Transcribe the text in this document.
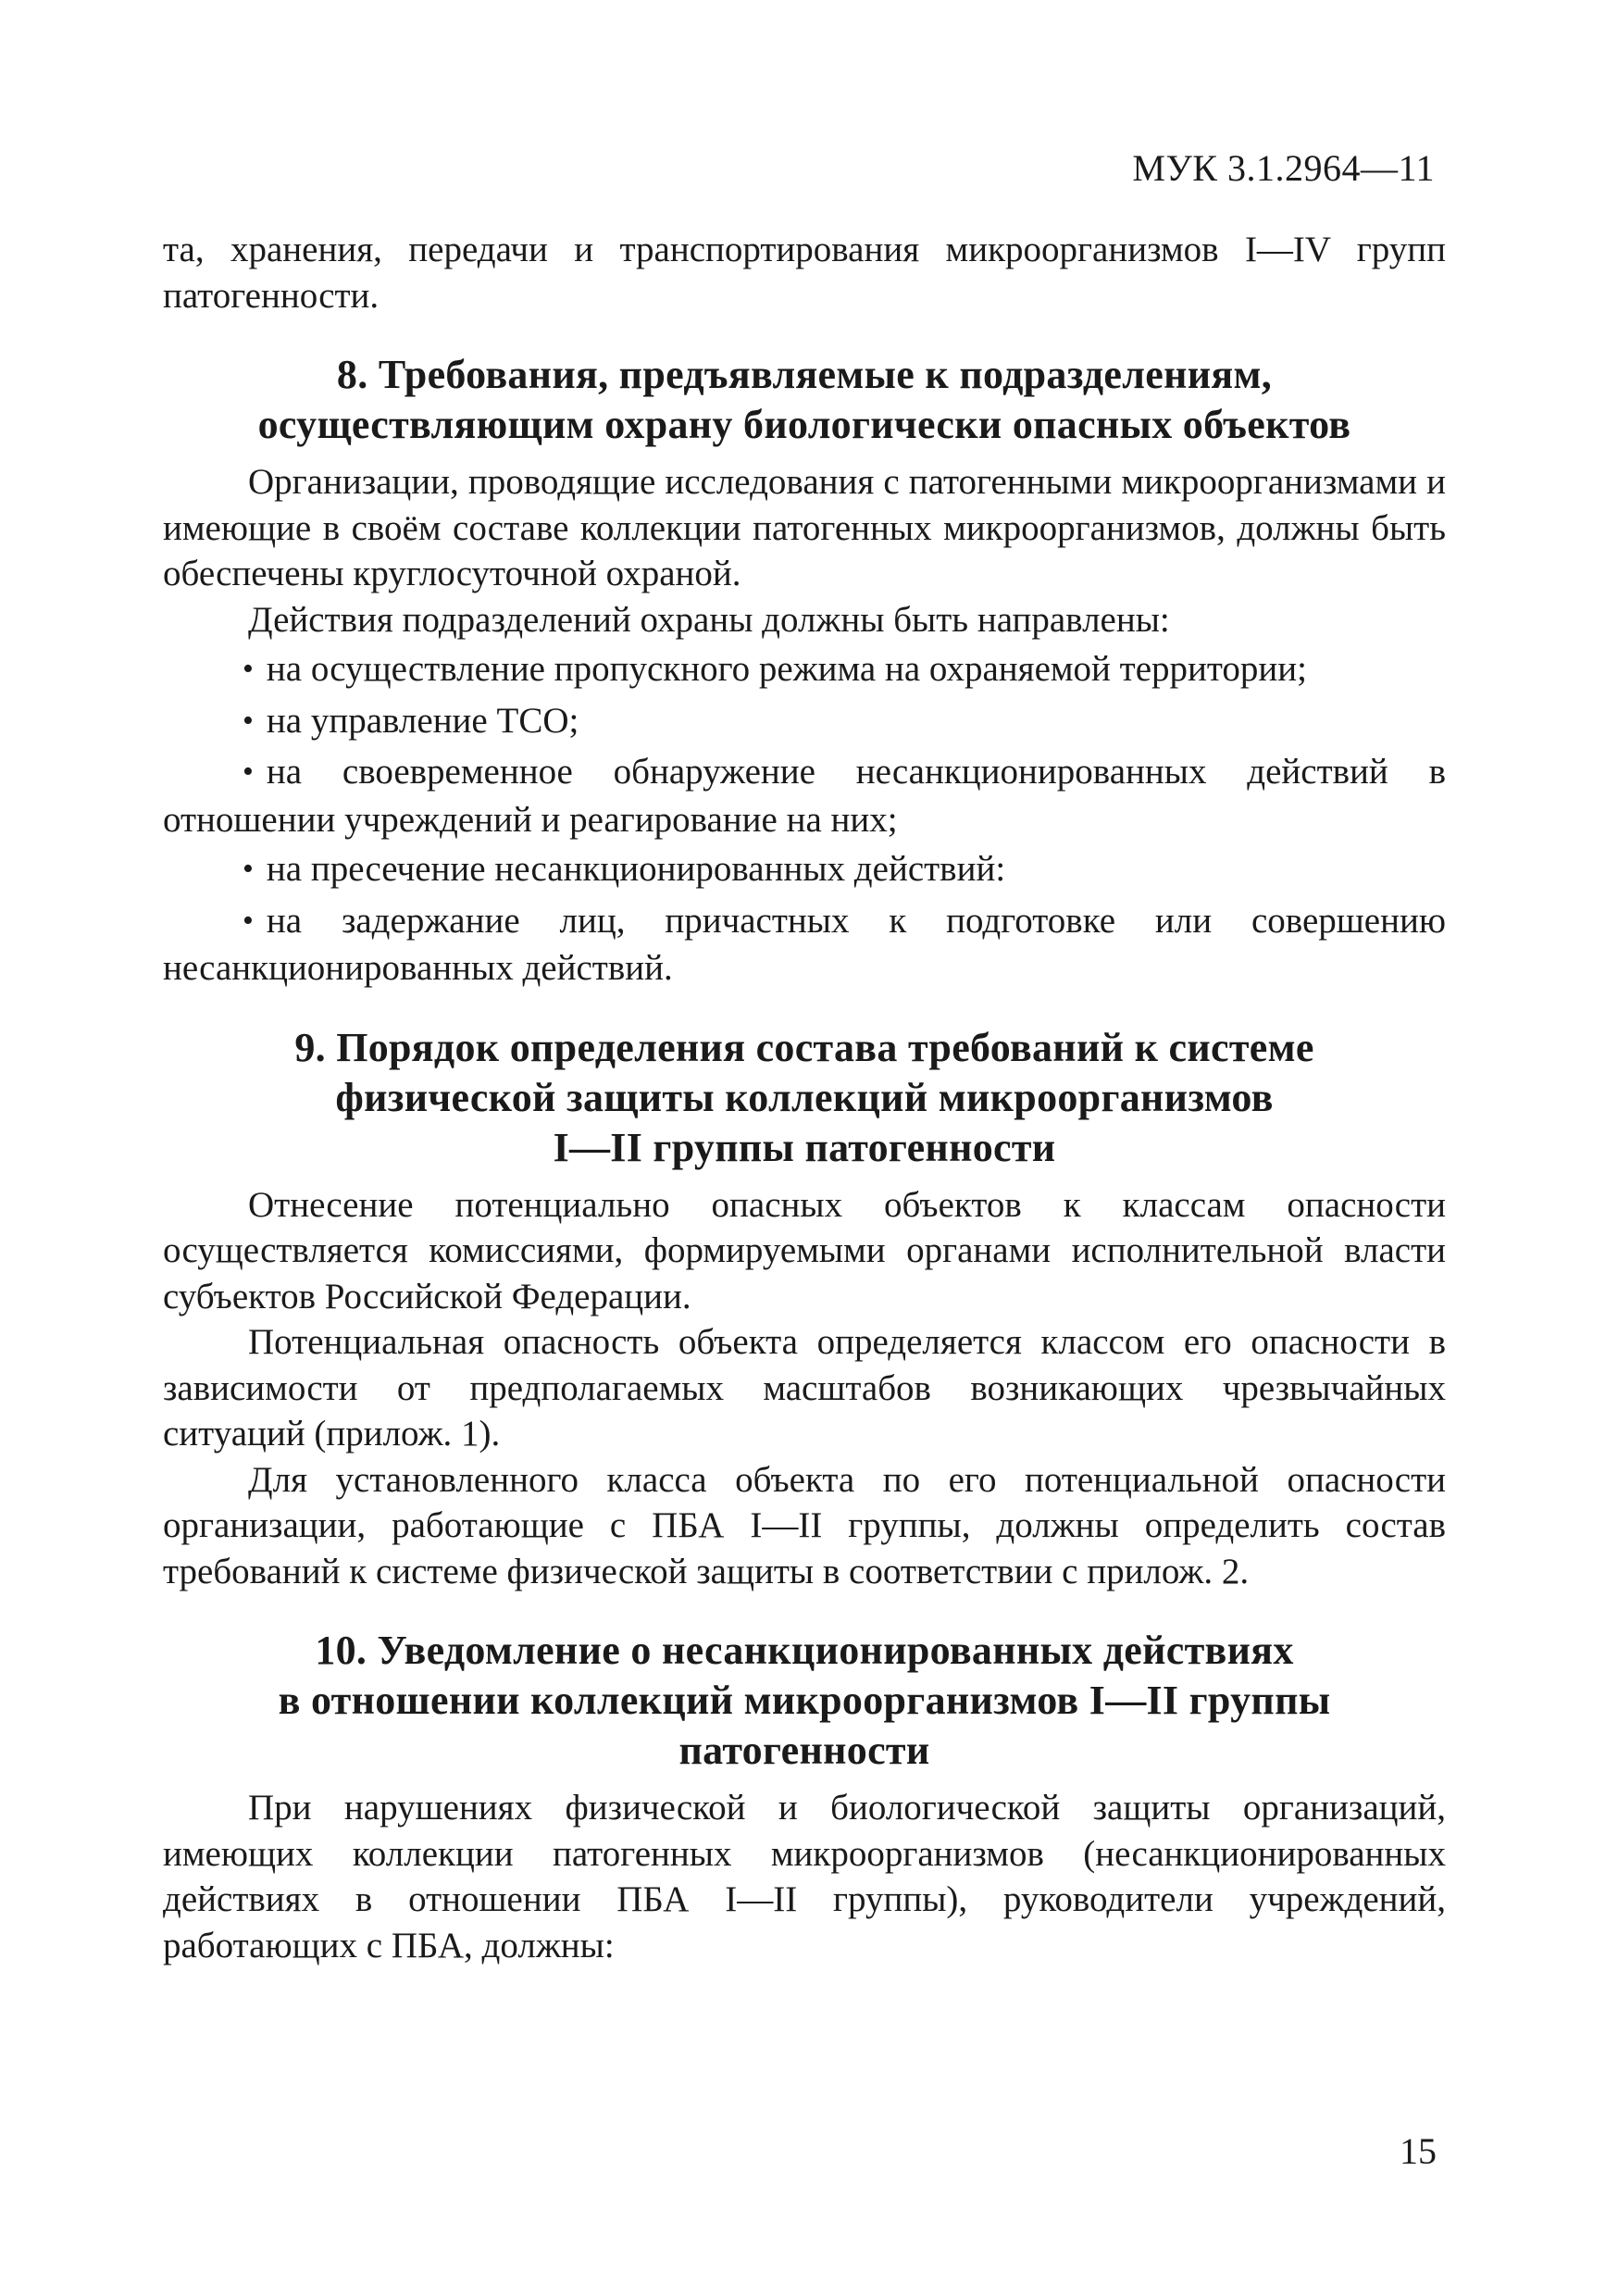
МУК 3.1.2964—11

та, хранения, передачи и транспортирования микроорганизмов I—IV групп патогенности.

8. Требования, предъявляемые к подразделениям,
осуществляющим охрану биологически опасных объектов

Организации, проводящие исследования с патогенными микроорганизмами и имеющие в своём составе коллекции патогенных микроорганизмов, должны быть обеспечены круглосуточной охраной.

Действия подразделений охраны должны быть направлены:

• на осуществление пропускного режима на охраняемой территории;

• на управление ТСО;

• на своевременное обнаружение несанкционированных действий в отношении учреждений и реагирование на них;

• на пресечение несанкционированных действий:

• на задержание лиц, причастных к подготовке или совершению несанкционированных действий.

9. Порядок определения состава требований к системе
физической защиты коллекций микроорганизмов
I—II группы патогенности

Отнесение потенциально опасных объектов к классам опасности осуществляется комиссиями, формируемыми органами исполнительной власти субъектов Российской Федерации.

Потенциальная опасность объекта определяется классом его опасности в зависимости от предполагаемых масштабов возникающих чрезвычайных ситуаций (прилож. 1).

Для установленного класса объекта по его потенциальной опасности организации, работающие с ПБА I—II группы, должны определить состав требований к системе физической защиты в соответствии с прилож. 2.

10. Уведомление о несанкционированных действиях
в отношении коллекций микроорганизмов I—II группы
патогенности

При нарушениях физической и биологической защиты организаций, имеющих коллекции патогенных микроорганизмов (несанкционированных действиях в отношении ПБА I—II группы), руководители учреждений, работающих с ПБА, должны:

15
